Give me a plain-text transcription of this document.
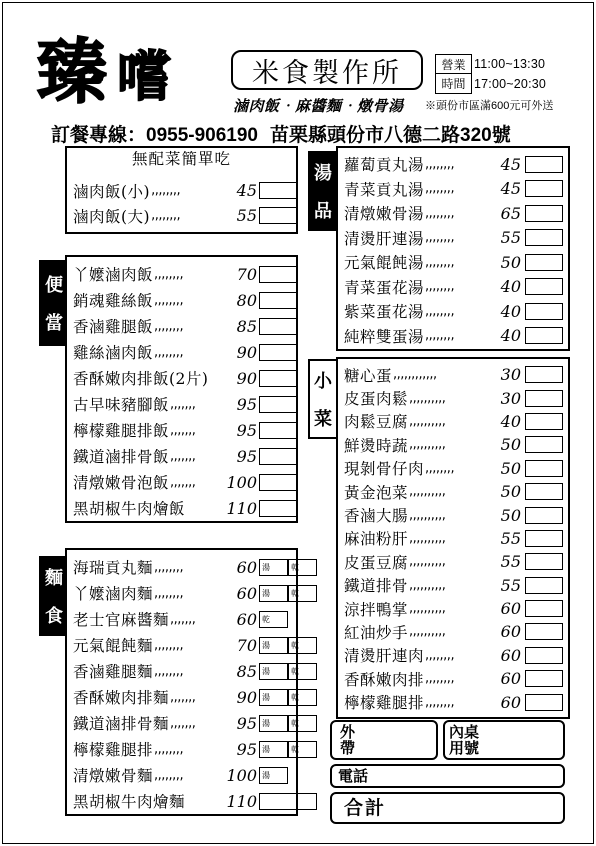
臻 嚐	米食製作所	營業 11:00~13:30
時間 17:00~20:30
滷肉飯‧麻醬麵‧燉骨湯 ※頭份市區滿600元可外送
訂餐專線：0955-906190 苗栗縣頭份市八德二路320號
無配菜簡單吃
滷肉飯(小) ,,,,,,,,	45
滷肉飯(大) ,,,,,,,,	55
便
當
丫嬤滷肉飯 ,,,,,,,,	70
銷魂雞絲飯 ,,,,,,,,	80
香滷雞腿飯 ,,,,,,,,	85
雞絲滷肉飯 ,,,,,,,,	90
香酥嫩肉排飯(2片)	90
古早味豬腳飯 ,,,,,,,	95
檸檬雞腿排飯 ,,,,,,,	95
鐵道滷排骨飯 ,,,,,,,	95
清燉嫩骨泡飯 ,,,,,,, 100
黑胡椒牛肉燴飯	110
麵
食
海瑞貢丸麵 ,,,,,,,,	60 湯	乾
丫嬤滷肉麵 ,,,,,,,,	60 湯	乾
老士官麻醬麵 ,,,,,,,	60 乾
元氣餛飩麵 ,,,,,,,,	70 湯	乾
香滷雞腿麵 ,,,,,,,,	85 湯	乾
香酥嫩肉排麵 ,,,,,,,	90 湯	乾
鐵道滷排骨麵 ,,,,,,,	95 湯	乾
檸檬雞腿排 ,,,,,,,,	95 湯	乾
清燉嫩骨麵 ,,,,,,,,	100 湯
黑胡椒牛肉燴麵	110
湯
品
蘿蔔貢丸湯 ,,,,,,,,	45
青菜貢丸湯 ,,,,,,,,	45
清燉嫩骨湯 ,,,,,,,,	65
清燙肝連湯 ,,,,,,,,	55
元氣餛飩湯 ,,,,,,,,	50
青菜蛋花湯 ,,,,,,,,	40
紫菜蛋花湯 ,,,,,,,,	40
純粹雙蛋湯 ,,,,,,,,	40
小
菜
糖心蛋 ,,,,,,,,,,,,	30
皮蛋肉鬆 ,,,,,,,,,,	30
肉鬆豆腐 ,,,,,,,,,,	40
鮮燙時蔬 ,,,,,,,,,,	50
現剝骨仔肉 ,,,,,,,,	50
黃金泡菜 ,,,,,,,,,,	50
香滷大腸 ,,,,,,,,,,	50
麻油粉肝 ,,,,,,,,,,	55
皮蛋豆腐 ,,,,,,,,,,	55
鐵道排骨 ,,,,,,,,,,	55
涼拌鴨掌 ,,,,,,,,,,	60
紅油炒手 ,,,,,,,,,,	60
清燙肝連肉 ,,,,,,,,	60
香酥嫩肉排 ,,,,,,,,	60
檸檬雞腿排 ,,,,,,,,	60
外
帶
內桌
用號
電話
合計
